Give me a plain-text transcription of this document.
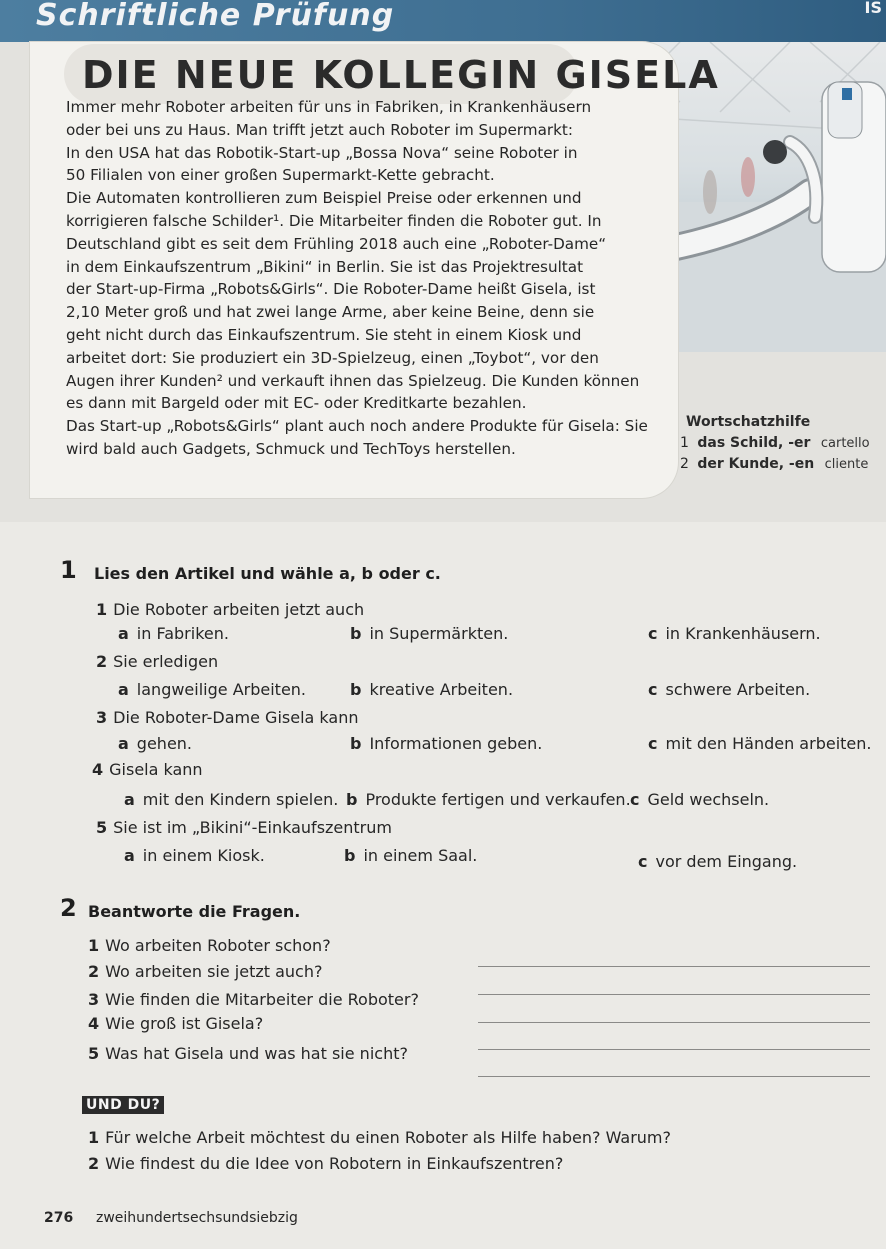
Schriftliche Prüfung	IS
DIE NEUE KOLLEGIN GISELA
Immer mehr Roboter arbeiten für uns in Fabriken, in Krankenhäusern
oder bei uns zu Haus. Man trifft jetzt auch Roboter im Supermarkt:
In den USA hat das Robotik-Start-up „Bossa Nova“ seine Roboter in
50 Filialen von einer großen Supermarkt-Kette gebracht.
Die Automaten kontrollieren zum Beispiel Preise oder erkennen und
korrigieren falsche Schilder¹. Die Mitarbeiter finden die Roboter gut. In
Deutschland gibt es seit dem Frühling 2018 auch eine „Roboter-Dame“
in dem Einkaufszentrum „Bikini“ in Berlin. Sie ist das Projektresultat
der Start-up-Firma „Robots&Girls“. Die Roboter-Dame heißt Gisela, ist
2,10 Meter groß und hat zwei lange Arme, aber keine Beine, denn sie
geht nicht durch das Einkaufszentrum. Sie steht in einem Kiosk und
arbeitet dort: Sie produziert ein 3D-Spielzeug, einen „Toybot“, vor den
Augen ihrer Kunden² und verkauft ihnen das Spielzeug. Die Kunden können
es dann mit Bargeld oder mit EC- oder Kreditkarte bezahlen.
Das Start-up „Robots&Girls“ plant auch noch andere Produkte für Gisela: Sie
wird bald auch Gadgets, Schmuck und TechToys herstellen.
Wortschatzhilfe
1 das Schild, -er cartello
2 der Kunde, -en cliente
1 Lies den Artikel und wähle a, b oder c.
1 Die Roboter arbeiten jetzt auch
a in Fabriken.	b in Supermärkten.	c in Krankenhäusern.
2 Sie erledigen
a langweilige Arbeiten.	b kreative Arbeiten.	c schwere Arbeiten.
3 Die Roboter-Dame Gisela kann
a gehen.	b Informationen geben.	c mit den Händen arbeiten.
4 Gisela kann
a mit den Kindern spielen. b Produkte fertigen und verkaufen. c Geld wechseln.
5 Sie ist im „Bikini“-Einkaufszentrum
a in einem Kiosk.	b in einem Saal.	c vor dem Eingang.
2 Beantworte die Fragen.
1 Wo arbeiten Roboter schon?
2 Wo arbeiten sie jetzt auch?
3 Wie finden die Mitarbeiter die Roboter?
4 Wie groß ist Gisela?
5 Was hat Gisela und was hat sie nicht?
UND DU?
1 Für welche Arbeit möchtest du einen Roboter als Hilfe haben? Warum?
2 Wie findest du die Idee von Robotern in Einkaufszentren?
276 zweihundertsechsundsiebzig
